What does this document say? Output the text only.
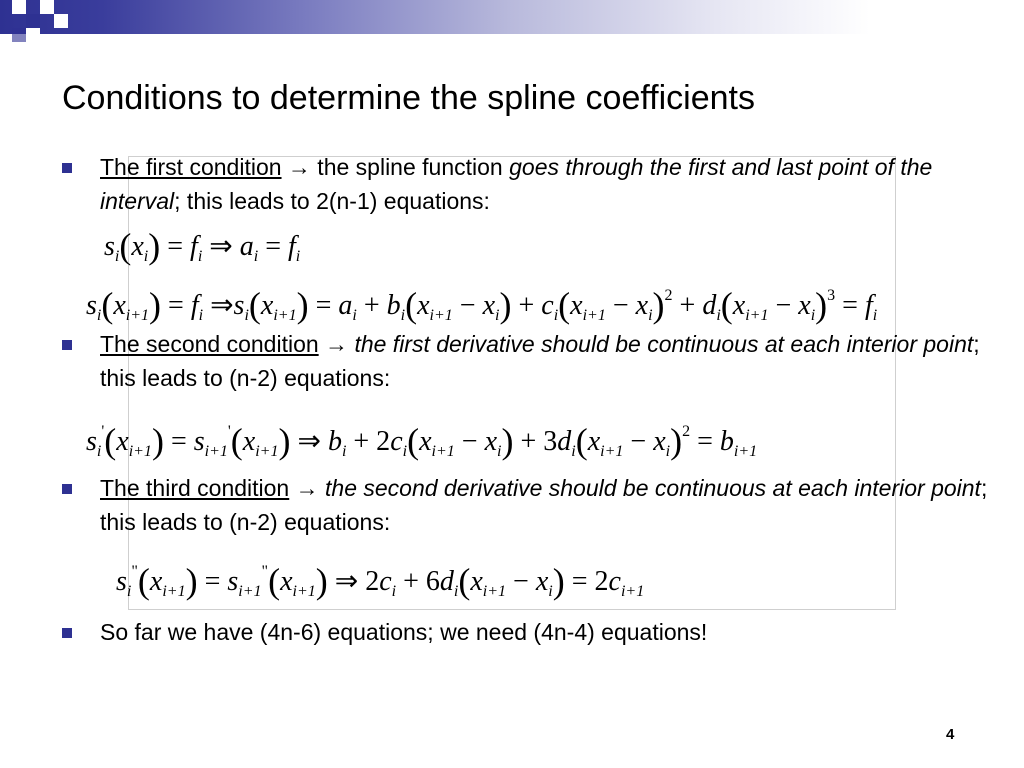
Conditions to determine the spline coefficients

The first condition → the spline function goes through the first and last point of the interval; this leads to 2(n-1) equations:

$s_i(x_i) = f_i$ ⇒ $a_i = f_i$
$s_i(x_{i+1}) = f_i$ $\Rightarrow s_i(x_{i+1}) = a_i + b_i(x_{i+1} - x_i) + c_i(x_{i+1} - x_i)^2 + d_i(x_{i+1} - x_i)^3 = f_i$

The second condition → the first derivative should be continuous at each interior point; this leads to (n-2) equations:

$s_i'(x_{i+1}) = s_{i+1}'(x_{i+1})$ ⇒ $b_i + 2c_i(x_{i+1} - x_i) + 3d_i(x_{i+1} - x_i)^2 = b_{i+1}$

The third condition → the second derivative should be continuous at each interior point; this leads to (n-2) equations:

$s_i^"(x_{i+1}) = s_{i+1}^"(x_{i+1})$ ⇒ $2c_i + 6d_i(x_{i+1} - x_i) = 2c_{i+1}$

So far we have (4n-6) equations; we need (4n-4) equations!

4
